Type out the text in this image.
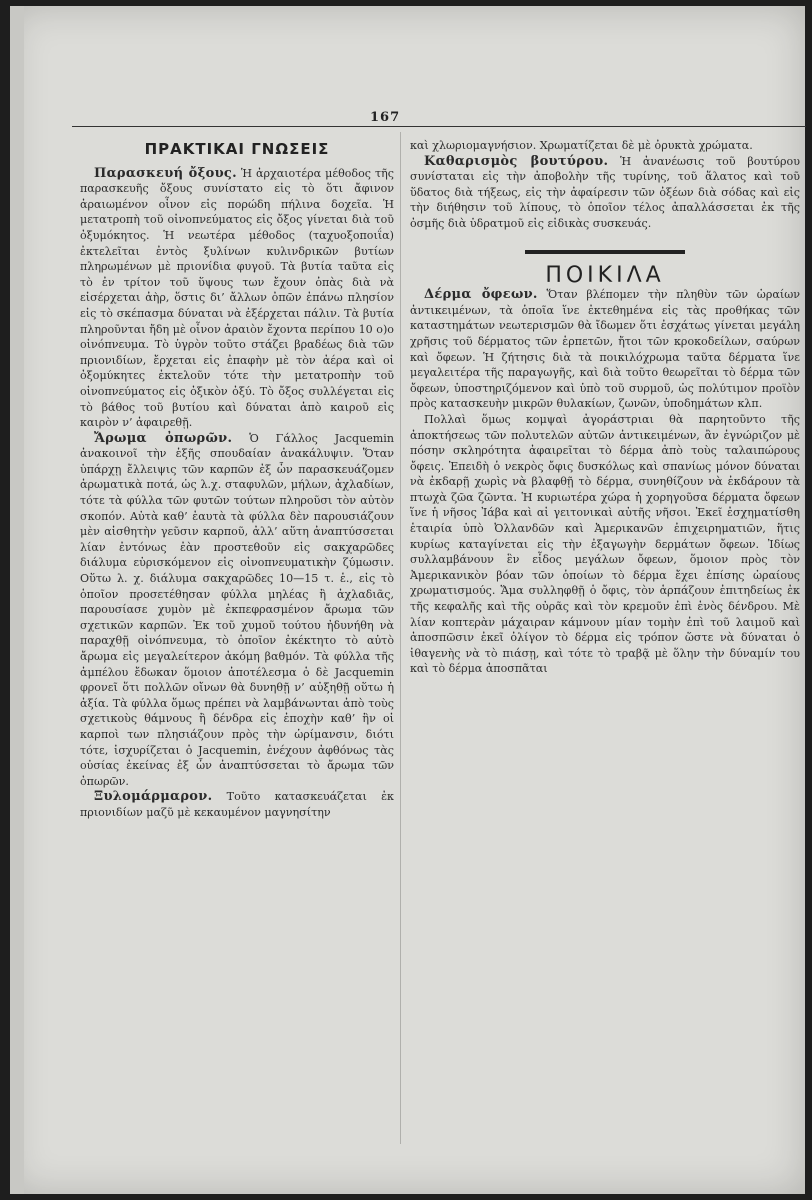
167
ΠΡΑΚΤΙΚΑΙ ΓΝΩΣΕΙΣ

Παρασκευή ὄξους. Ἡ ἀρχαιοτέρα μέθοδος τῆς παρασκευῆς ὄξους συνίστατο εἰς τὸ ὅτι ἄφινον ἀραιωμένον οἶνον εἰς πορώδη πήλινα δοχεῖα. Ἡ μετατροπὴ τοῦ οἰνοπνεύματος εἰς ὄξος γίνεται διὰ τοῦ ὀξυμόκητος. Ἡ νεωτέρα μέθοδος (ταχυοξοποιΐα) ἐκτελεῖται ἐντὸς ξυλίνων κυλινδρικῶν βυτίων πληρωμένων μὲ πριονίδια φυγοῦ. Τὰ βυτία ταῦτα εἰς τὸ ἐν τρίτον τοῦ ὕψους των ἔχουν ὀπὰς διὰ νὰ εἰσέρχεται ἀὴρ, ὅστις δι’ ἄλλων ὀπῶν ἐπάνω πλησίον εἰς τὸ σκέπασμα δύναται νὰ ἐξέρχεται πάλιν. Τὰ βυτία πληροῦνται ἤδη μὲ οἶνον ἀραιὸν ἔχοντα περίπου 10 ο)ο οἰνόπνευμα. Τὸ ὑγρὸν τοῦτο στάζει βραδέως διὰ τῶν πριονιδίων, ἔρχεται εἰς ἐπαφὴν μὲ τὸν ἀέρα καὶ οἱ ὀξομύκητες ἐκτελοῦν τότε τὴν μετατροπὴν τοῦ οἰνοπνεύματος εἰς ὀξικὸν ὀξύ. Τὸ ὄξος συλλέγεται εἰς τὸ βάθος τοῦ βυτίου καὶ δύναται ἀπὸ καιροῦ εἰς καιρὸν ν’ ἀφαιρεθῇ.

Ἄρωμα ὀπωρῶν. Ὁ Γάλλος Jacquemin ἀνακοινοῖ τὴν ἑξῆς σπουδαίαν ἀνακάλυψιν. Ὅταν ὑπάρχῃ ἔλλειψις τῶν καρπῶν ἐξ ὧν παρασκευάζομεν ἀρωματικὰ ποτά, ὡς λ.χ. σταφυλῶν, μήλων, ἀχλαδίων, τότε τὰ φύλλα τῶν φυτῶν τούτων πληροῦσι τὸν αὐτὸν σκοπόν. Αὐτὰ καθ’ ἑαυτὰ τὰ φύλλα δὲν παρουσιάζουν μὲν αἰσθητὴν γεῦσιν καρποῦ, ἀλλ’ αὕτη ἀναπτύσσεται λίαν ἐντόνως ἐὰν προστεθοῦν εἰς σακχαρῶδες διάλυμα εὑρισκόμενον εἰς οἰνοπνευματικὴν ζύμωσιν. Οὕτω λ. χ. διάλυμα σακχαρῶδες 10—15 τ. ἑ., εἰς τὸ ὁποῖον προσετέθησαν φύλλα μηλέας ἢ ἀχλαδιᾶς, παρουσίασε χυμὸν μὲ ἐκπεφρασμένον ἄρωμα τῶν σχετικῶν καρπῶν. Ἐκ τοῦ χυμοῦ τούτου ἠδυνήθη νὰ παραχθῇ οἰνόπνευμα, τὸ ὁποῖον ἐκέκτητο τὸ αὐτὸ ἄρωμα εἰς μεγαλείτερον ἀκόμη βαθμόν. Τὰ φύλλα τῆς ἀμπέλου ἔδωκαν ὅμοιον ἀποτέλεσμα ὁ δὲ Jacquemin φρονεῖ ὅτι πολλῶν οἴνων θὰ δυνηθῇ ν’ αὐξηθῇ οὕτω ἡ ἀξία. Τὰ φύλλα ὅμως πρέπει νὰ λαμβάνωνται ἀπὸ τοὺς σχετικοὺς θάμνους ἢ δένδρα εἰς ἐποχὴν καθ’ ἣν οἱ καρποὶ των πλησιάζουν πρὸς τὴν ὡρίμανσιν, διότι τότε, ἰσχυρίζεται ὁ Jacquemin, ἐνέχουν ἀφθόνως τὰς οὐσίας ἐκείνας ἐξ ὧν ἀναπτύσσεται τὸ ἄρωμα τῶν ὀπωρῶν.

Ξυλομάρμαρον. Τοῦτο κατασκευάζεται ἐκ πριονιδίων μαζῦ μὲ κεκαυμένον μαγνησίτην

καὶ χλωριομαγνήσιον. Χρωματίζεται δὲ μὲ ὀρυκτὰ χρώματα.

Καθαρισμὸς βουτύρου. Ἡ ἀνανέωσις τοῦ βουτύρου συνίσταται εἰς τὴν ἀποβολὴν τῆς τυρίνης, τοῦ ἅλατος καὶ τοῦ ὕδατος διὰ τήξεως, εἰς τὴν ἀφαίρεσιν τῶν ὀξέων διὰ σόδας καὶ εἰς τὴν διήθησιν τοῦ λίπους, τὸ ὁποῖον τέλος ἀπαλλάσσεται ἐκ τῆς ὀσμῆς διὰ ὑδρατμοῦ εἰς εἰδικὰς συσκευάς.

ΠΟΙΚΙΛΑ

Δέρμα ὄφεων. Ὅταν βλέπομεν τὴν πληθὺν τῶν ὡραίων ἀντικειμένων, τὰ ὁποῖα ἵνε ἐκτεθημένα εἰς τὰς προθήκας τῶν καταστημάτων νεωτερισμῶν θὰ ἴδωμεν ὅτι ἐσχάτως γίνεται μεγάλη χρῆσις τοῦ δέρματος τῶν ἑρπετῶν, ἤτοι τῶν κροκοδείλων, σαύρων καὶ ὄφεων. Ἡ ζήτησις διὰ τὰ ποικιλόχρωμα ταῦτα δέρματα ἵνε μεγαλειτέρα τῆς παραγωγῆς, καὶ διὰ τοῦτο θεωρεῖται τὸ δέρμα τῶν ὄφεων, ὑποστηριζόμενον καὶ ὑπὸ τοῦ συρμοῦ, ὡς πολύτιμον προϊὸν πρὸς κατασκευὴν μικρῶν θυλακίων, ζωνῶν, ὑποδημάτων κλπ.

Πολλαὶ ὅμως κομψαὶ ἀγοράστριαι θὰ παρητοῦντο τῆς ἀποκτήσεως τῶν πολυτελῶν αὐτῶν ἀντικειμένων, ἂν ἐγνώριζον μὲ πόσην σκληρότητα ἀφαιρεῖται τὸ δέρμα ἀπὸ τοὺς ταλαιπώρους ὄφεις. Ἐπειδὴ ὁ νεκρὸς ὄφις δυσκόλως καὶ σπανίως μόνον δύναται νὰ ἐκδαρῇ χωρὶς νὰ βλαφθῇ τὸ δέρμα, συνηθίζουν νὰ ἐκδάρουν τὰ πτωχὰ ζῶα ζῶντα. Ἡ κυριωτέρα χώρα ἡ χορηγοῦσα δέρματα ὄφεων ἵνε ἡ νῆσος Ἰάβα καὶ αἱ γειτονικαὶ αὐτῆς νῆσοι. Ἐκεῖ ἐσχηματίσθη ἑταιρία ὑπὸ Ὀλλανδῶν καὶ Ἀμερικανῶν ἐπιχειρηματιῶν, ἥτις κυρίως καταγίνεται εἰς τὴν ἐξαγωγὴν δερμάτων ὄφεων. Ἰδίως συλλαμβάνουν ἓν εἶδος μεγάλων ὄφεων, ὅμοιον πρὸς τὸν Ἀμερικανικὸν βόαν τῶν ὁποίων τὸ δέρμα ἔχει ἐπίσης ὡραίους χρωματισμούς. Ἅμα συλληφθῇ ὁ ὄφις, τὸν ἁρπάζουν ἐπιτηδείως ἐκ τῆς κεφαλῆς καὶ τῆς οὐρᾶς καὶ τὸν κρεμοῦν ἐπὶ ἑνὸς δένδρου. Μὲ λίαν κοπτερὰν μάχαιραν κάμνουν μίαν τομὴν ἐπὶ τοῦ λαιμοῦ καὶ ἀποσπῶσιν ἐκεῖ ὀλίγον τὸ δέρμα εἰς τρόπον ὥστε νὰ δύναται ὁ ἰθαγενὴς νὰ τὸ πιάσῃ, καὶ τότε τὸ τραβᾷ μὲ ὅλην τὴν δύναμίν του καὶ τὸ δέρμα ἀποσπᾶται
